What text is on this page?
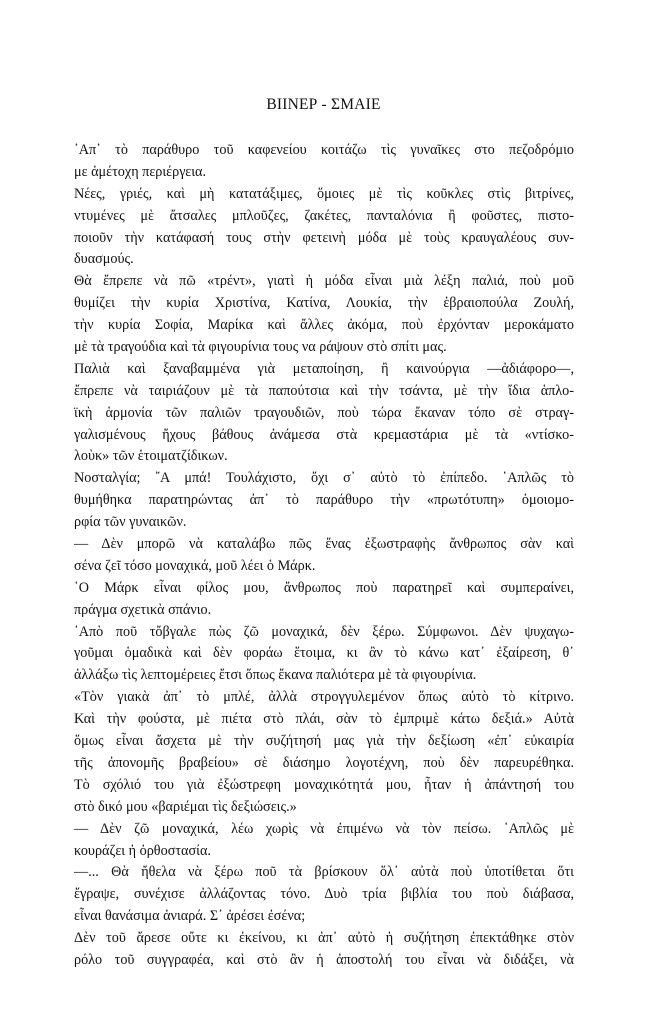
ΒΙΙΝΕΡ - ΣΜΑΙΕ
᾿Απ᾿ τὸ παράθυρο τοῦ καφενείου κοιτάζω τὶς γυναῖκες στο πεζοδρόμιο
με ἀμέτοχη περιέργεια.
Νέες, γριές, καὶ μὴ κατατάξιμες, ὅμοιες μὲ τὶς κοῦκλες στὶς βιτρίνες,
ντυμένες μὲ ἄτσαλες μπλοῦζες, ζακέτες, πανταλόνια ἢ φοῦστες, πιστο-
ποιοῦν τὴν κατάφασή τους στὴν φετεινὴ μόδα μὲ τοὺς κραυγαλέους συν-
δυασμούς.
Θὰ ἔπρεπε νὰ πῶ «τρέντ», γιατὶ ἡ μόδα εἶναι μιὰ λέξη παλιά, ποὺ μοῦ
θυμίζει τὴν κυρία Χριστίνα, Κατίνα, Λουκία, τὴν ἑβραιοπούλα Ζουλή,
τὴν κυρία Σοφία, Μαρίκα καὶ ἄλλες ἀκόμα, ποὺ ἐρχόνταν μεροκάματο
μὲ τὰ τραγούδια καὶ τὰ φιγουρίνια τους να ράψουν στὸ σπίτι μας.
Παλιὰ καὶ ξαναβαμμένα γιὰ μεταποίηση, ἢ καινούργια —ἀδιάφορο—,
ἔπρεπε νὰ ταιριάζουν μὲ τὰ παπούτσια καὶ τὴν τσάντα, μὲ τὴν ἴδια ἁπλο-
ϊκὴ ἁρμονία τῶν παλιῶν τραγουδιῶν, ποὺ τώρα ἔκαναν τόπο σὲ στραγ-
γαλισμένους ἤχους βάθους ἀνάμεσα στὰ κρεμαστάρια μὲ τὰ «ντίσκο-
λοὺκ» τῶν ἑτοιματζίδικων.
Νοσταλγία; ῎Α μπά! Τουλάχιστο, ὄχι σ᾿ αὐτὸ τὸ ἐπίπεδο. ῾Απλῶς τὸ
θυμήθηκα παρατηρώντας ἀπ᾿ τὸ παράθυρο τὴν «πρωτότυπη» ὁμοιομο-
ρφία τῶν γυναικῶν.
— Δὲν μπορῶ νὰ καταλάβω πῶς ἕνας ἐξωστραφὴς ἄνθρωπος σὰν καὶ
σένα ζεῖ τόσο μοναχικά, μοῦ λέει ὁ Μάρκ.
῾Ο Μάρκ εἶναι φίλος μου, ἄνθρωπος ποὺ παρατηρεῖ καὶ συμπεραίνει,
πράγμα σχετικὰ σπάνιο.
᾿Απὸ ποῦ τὄβγαλε πὼς ζῶ μοναχικά, δὲν ξέρω. Σύμφωνοι. Δὲν ψυχαγω-
γοῦμαι ὁμαδικὰ καὶ δὲν φοράω ἕτοιμα, κι ἂν τὸ κάνω κατ᾿ ἐξαίρεση, θ᾿
ἀλλάξω τὶς λεπτομέρειες ἔτσι ὅπως ἔκανα παλιότερα μὲ τὰ φιγουρίνια.
«Τὸν γιακὰ ἀπ᾿ τὸ μπλέ, ἀλλὰ στρογγυλεμένον ὅπως αὐτὸ τὸ κίτρινο.
Καὶ τὴν φούστα, μὲ πιέτα στὸ πλάι, σὰν τὸ ἐμπριμὲ κάτω δεξιά.» Αὐτὰ
ὅμως εἶναι ἄσχετα μὲ τὴν συζήτησή μας γιὰ τὴν δεξίωση «ἐπ᾿ εὐκαιρία
τῆς ἀπονομῆς βραβείου» σὲ διάσημο λογοτέχνη, ποὺ δὲν παρευρέθηκα.
Τὸ σχόλιό του γιὰ ἐξώστρεφη μοναχικότητά μου, ἦταν ἡ ἀπάντησή του
στὸ δικό μου «βαριέμαι τὶς δεξιώσεις.»
— Δὲν ζῶ μοναχικά, λέω χωρὶς νὰ ἐπιμένω νὰ τὸν πείσω. ῾Απλῶς μὲ
κουράζει ἡ ὀρθοστασία.
—... Θὰ ἤθελα νὰ ξέρω ποῦ τὰ βρίσκουν ὅλ᾿ αὐτὰ ποὺ ὑποτίθεται ὅτι
ἔγραψε, συνέχισε ἀλλάζοντας τόνο. Δυὸ τρία βιβλία του ποὺ διάβασα,
εἶναι θανάσιμα ἀνιαρά. Σ᾿ ἀρέσει ἐσένα;
Δὲν τοῦ ἄρεσε οὔτε κι ἐκείνου, κι ἀπ᾿ αὐτὸ ἡ συζήτηση ἐπεκτάθηκε στὸν
ρόλο τοῦ συγγραφέα, καὶ στὸ ἂν ἡ ἀποστολή του εἶναι νὰ διδάξει, νὰ
